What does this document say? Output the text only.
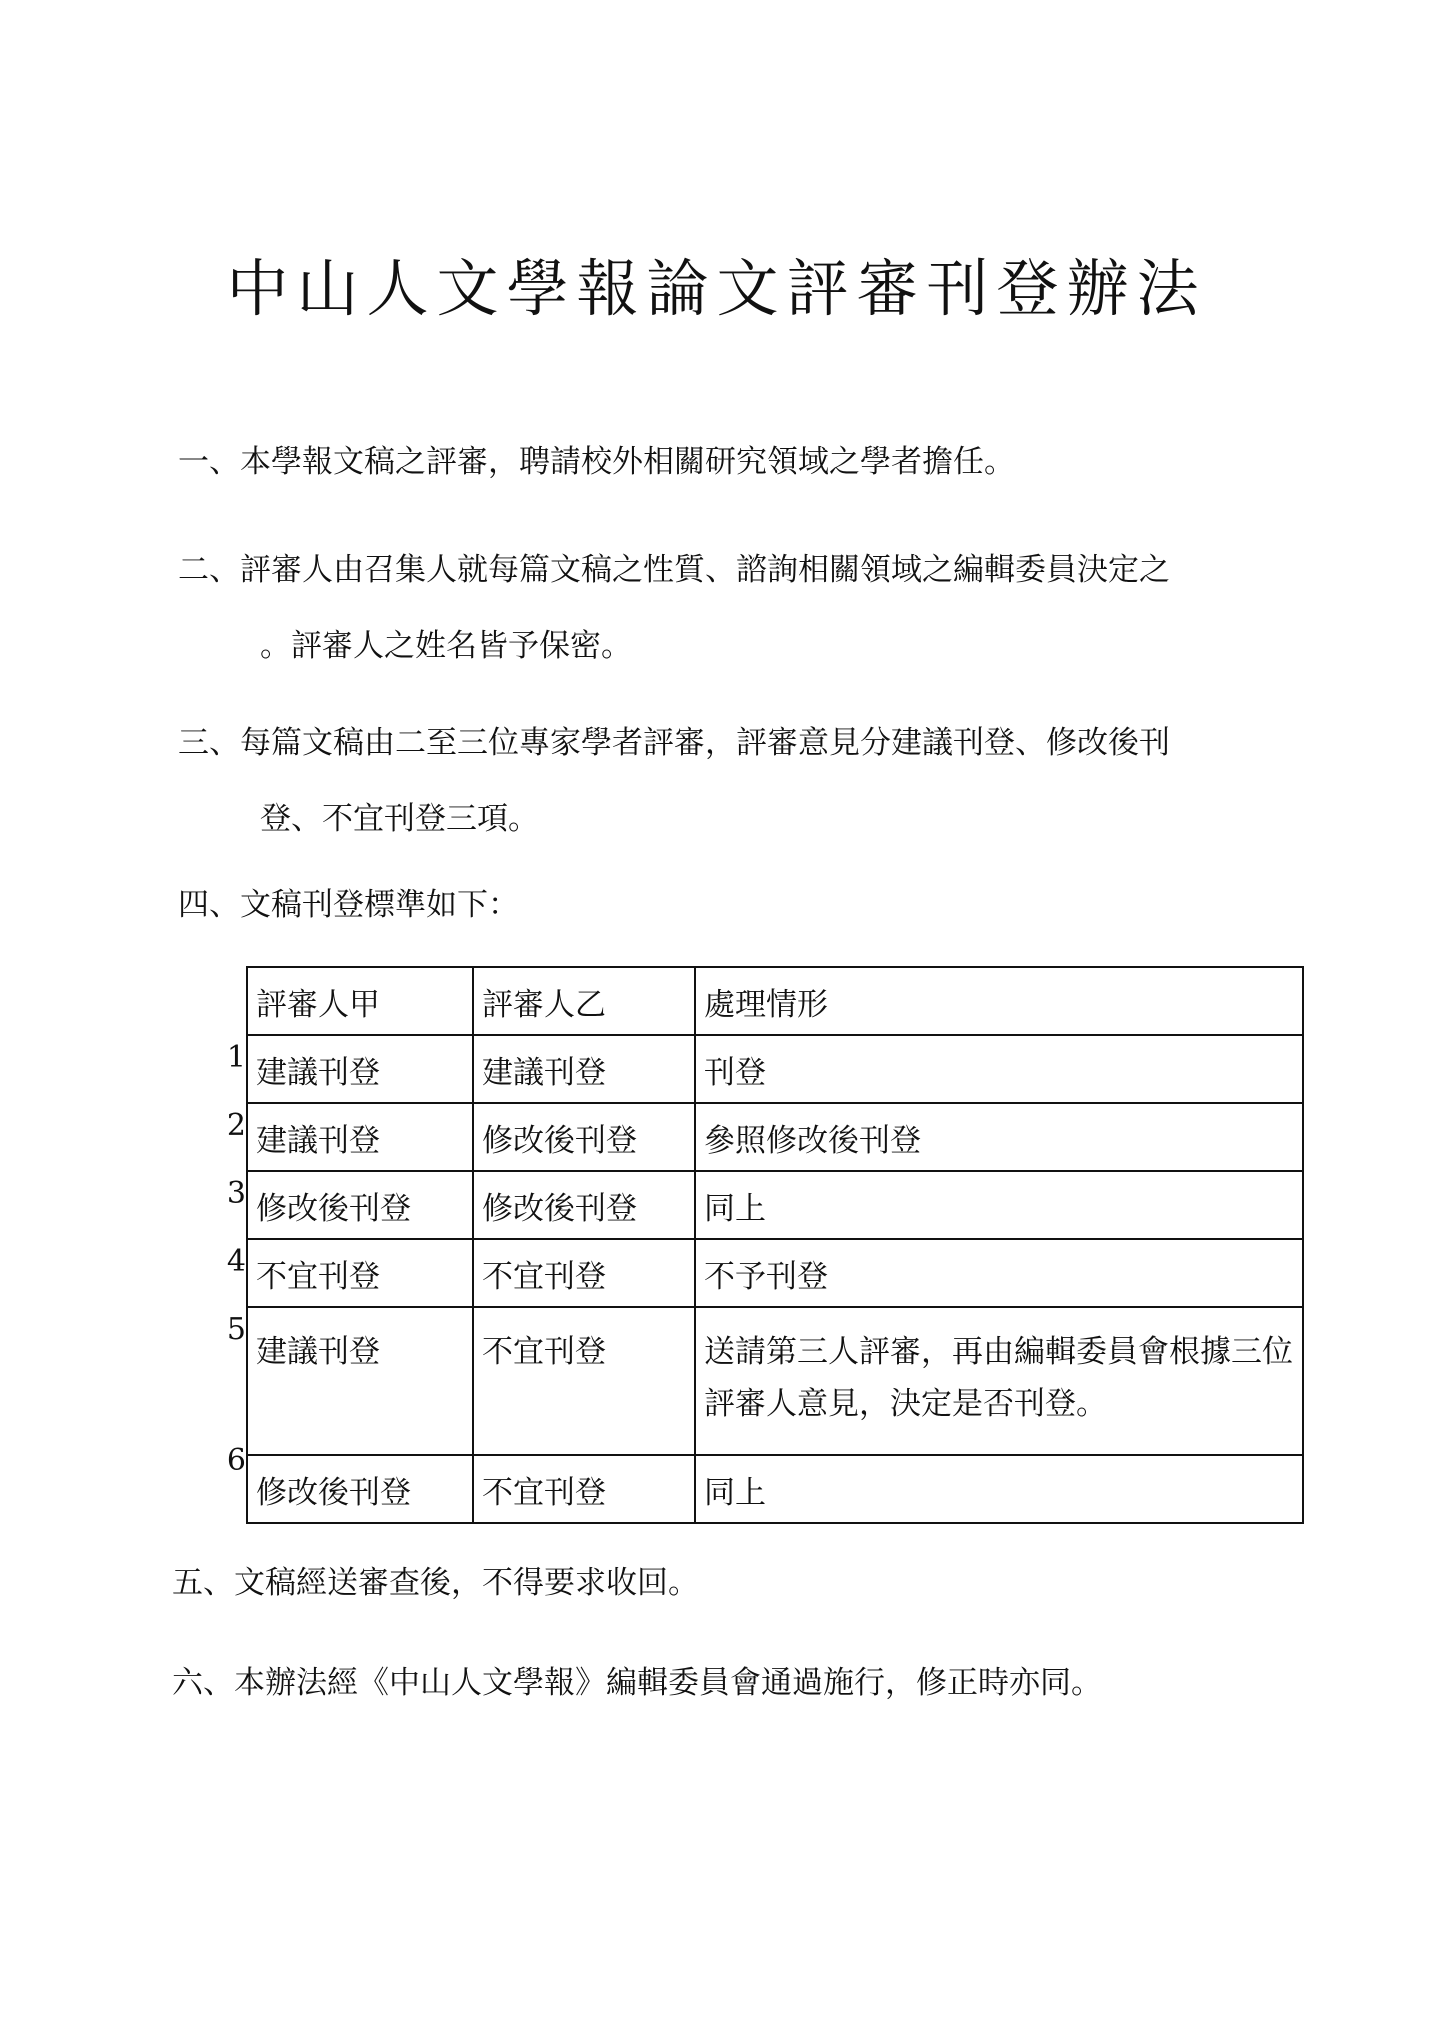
中山人文學報論文評審刊登辦法
一、本學報文稿之評審，聘請校外相關研究領域之學者擔任。
二、評審人由召集人就每篇文稿之性質、諮詢相關領域之編輯委員決定之
。評審人之姓名皆予保密。
三、每篇文稿由二至三位專家學者評審，評審意見分建議刊登、修改後刊
登、不宜刊登三項。
四、文稿刊登標準如下：
1
2
3
4
5
6
評審人甲	評審人乙	處理情形
建議刊登	建議刊登	刊登
建議刊登	修改後刊登	參照修改後刊登
修改後刊登	修改後刊登	同上
不宜刊登	不宜刊登	不予刊登
建議刊登	不宜刊登	送請第三人評審，再由編輯委員會根據三位評審人意見，決定是否刊登。
修改後刊登	不宜刊登	同上
五、文稿經送審查後，不得要求收回。
六、本辦法經《中山人文學報》編輯委員會通過施行，修正時亦同。
